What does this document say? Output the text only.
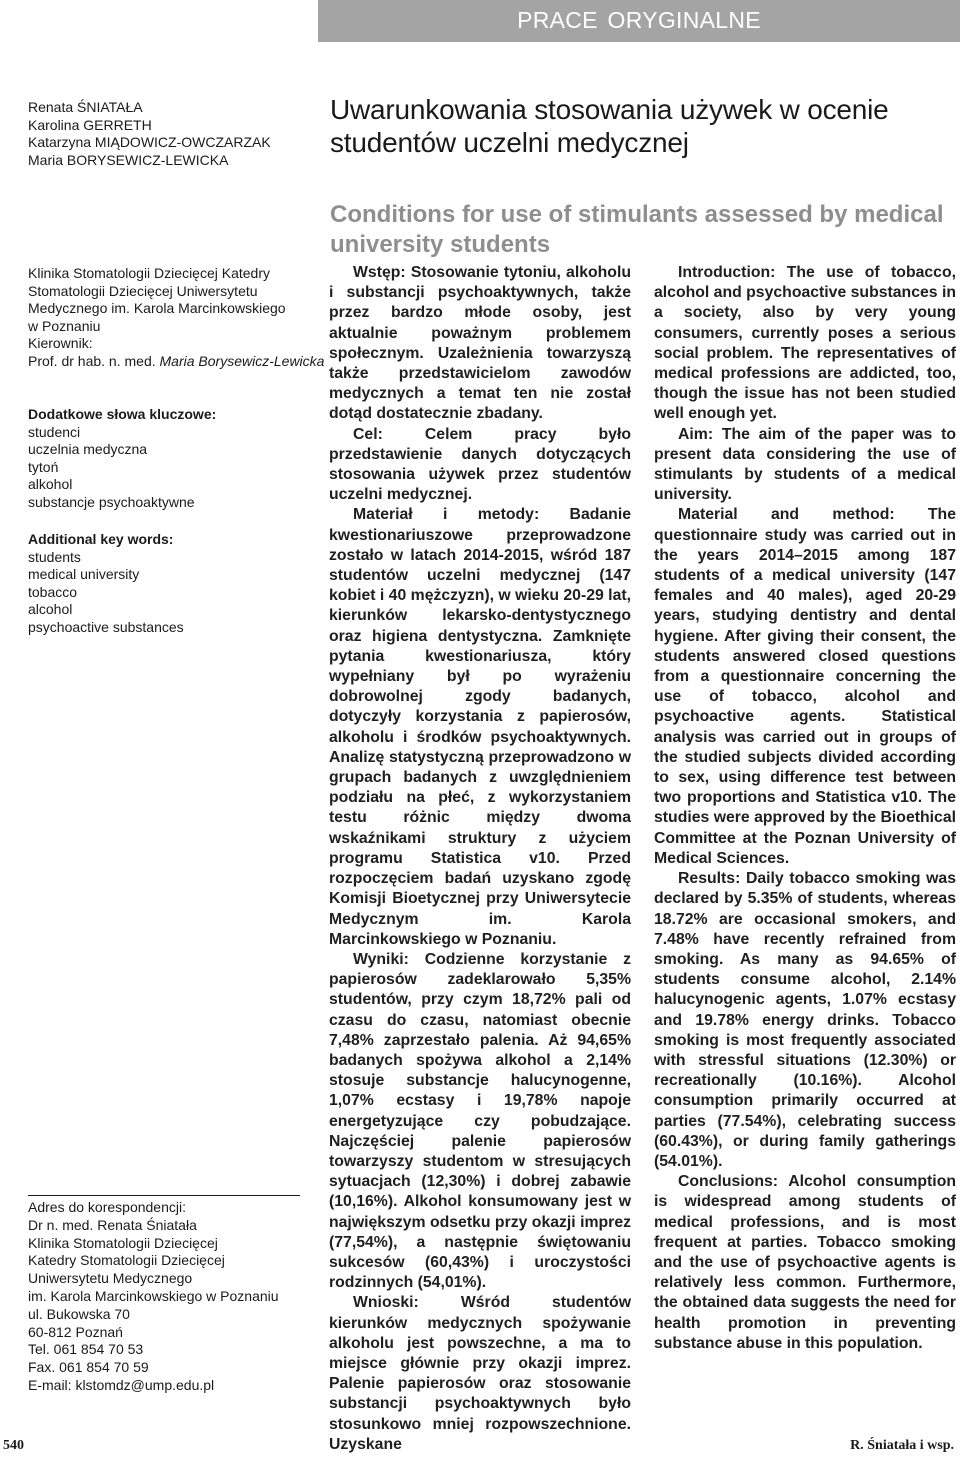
PRACE ORYGINALNE
Renata ŚNIATAŁA
Karolina GERRETH
Katarzyna MIĄDOWICZ-OWCZARZAK
Maria BORYSEWICZ-LEWICKA
Uwarunkowania stosowania używek w ocenie studentów uczelni medycznej
Conditions for use of stimulants assessed by medical university students
Klinika Stomatologii Dziecięcej Katedry
Stomatologii Dziecięcej Uniwersytetu
Medycznego im. Karola Marcinkowskiego
w Poznaniu
Kierownik:
Prof. dr hab. n. med. Maria Borysewicz-Lewicka
Dodatkowe słowa kluczowe:
studenci
uczelnia medyczna
tytoń
alkohol
substancje psychoaktywne
Additional key words:
students
medical university
tobacco
alcohol
psychoactive substances
Adres do korespondencji:
Dr n. med. Renata Śniatała
Klinika Stomatologii Dziecięcej
Katedry Stomatologii Dziecięcej
Uniwersytetu Medycznego
im. Karola Marcinkowskiego w Poznaniu
ul. Bukowska 70
60-812 Poznań
Tel. 061 854 70 53
Fax. 061 854 70 59
E-mail: klstomdz@ump.edu.pl
Wstęp: Stosowanie tytoniu, alkoholu i substancji psychoaktywnych, także przez bardzo młode osoby, jest aktualnie poważnym problemem społecznym. Uzależnienia towarzyszą także przedstawicielom zawodów medycznych a temat ten nie został dotąd dostatecznie zbadany.
Cel: Celem pracy było przedstawienie danych dotyczących stosowania używek przez studentów uczelni medycznej.
Materiał i metody: Badanie kwestionariuszowe przeprowadzone zostało w latach 2014-2015, wśród 187 studentów uczelni medycznej (147 kobiet i 40 mężczyzn), w wieku 20-29 lat, kierunków lekarsko-dentystycznego oraz higiena dentystyczna. Zamknięte pytania kwestionariusza, który wypełniany był po wyrażeniu dobrowolnej zgody badanych, dotyczyły korzystania z papierosów, alkoholu i środków psychoaktywnych. Analizę statystyczną przeprowadzono w grupach badanych z uwzględnieniem podziału na płeć, z wykorzystaniem testu różnic między dwoma wskaźnikami struktury z użyciem programu Statistica v10. Przed rozpoczęciem badań uzyskano zgodę Komisji Bioetycznej przy Uniwersytecie Medycznym im. Karola Marcinkowskiego w Poznaniu.
Wyniki: Codzienne korzystanie z papierosów zadeklarowało 5,35% studentów, przy czym 18,72% pali od czasu do czasu, natomiast obecnie 7,48% zaprzestało palenia. Aż 94,65% badanych spożywa alkohol a 2,14% stosuje substancje halucynogenne, 1,07% ecstasy i 19,78% napoje energetyzujące czy pobudzające. Najczęściej palenie papierosów towarzyszy studentom w stresujących sytuacjach (12,30%) i dobrej zabawie (10,16%). Alkohol konsumowany jest w największym odsetku przy okazji imprez (77,54%), a następnie świętowaniu sukcesów (60,43%) i uroczystości rodzinnych (54,01%).
Wnioski: Wśród studentów kierunków medycznych spożywanie alkoholu jest powszechne, a ma to miejsce głównie przy okazji imprez. Palenie papierosów oraz stosowanie substancji psychoaktywnych było stosunkowo mniej rozpowszechnione. Uzyskane
Introduction: The use of tobacco, alcohol and psychoactive substances in a society, also by very young consumers, currently poses a serious social problem. The representatives of medical professions are addicted, too, though the issue has not been studied well enough yet.
Aim: The aim of the paper was to present data considering the use of stimulants by students of a medical university.
Material and method: The questionnaire study was carried out in the years 2014–2015 among 187 students of a medical university (147 females and 40 males), aged 20-29 years, studying dentistry and dental hygiene. After giving their consent, the students answered closed questions from a questionnaire concerning the use of tobacco, alcohol and psychoactive agents. Statistical analysis was carried out in groups of the studied subjects divided according to sex, using difference test between two proportions and Statistica v10. The studies were approved by the Bioethical Committee at the Poznan University of Medical Sciences.
Results: Daily tobacco smoking was declared by 5.35% of students, whereas 18.72% are occasional smokers, and 7.48% have recently refrained from smoking. As many as 94.65% of students consume alcohol, 2.14% halucynogenic agents, 1.07% ecstasy and 19.78% energy drinks. Tobacco smoking is most frequently associated with stressful situations (12.30%) or recreationally (10.16%). Alcohol consumption primarily occurred at parties (77.54%), celebrating success (60.43%), or during family gatherings (54.01%).
Conclusions: Alcohol consumption is widespread among students of medical professions, and is most frequent at parties. Tobacco smoking and the use of psychoactive agents is relatively less common. Furthermore, the obtained data suggests the need for health promotion in preventing substance abuse in this population.
540	R. Śniatała i wsp.
